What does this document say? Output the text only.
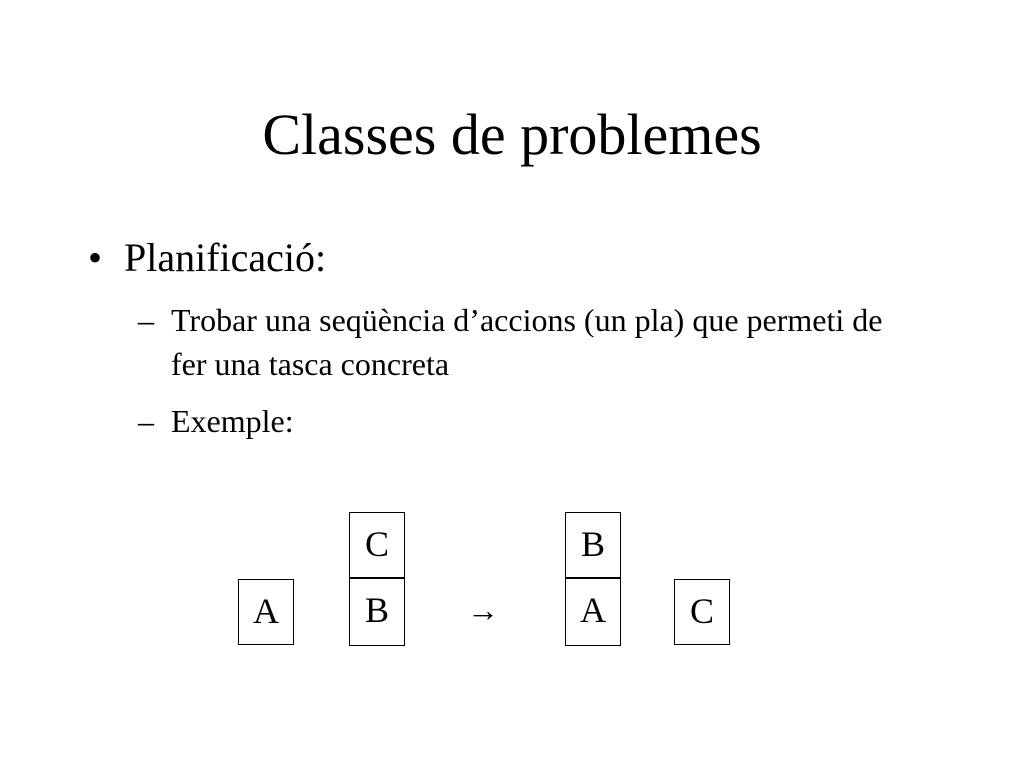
Classes de problemes
• Planificació:
– Trobar una seqüència d’accions (un pla) que permeti de fer una tasca concreta
– Exemple:
A
C
B	→
B
A	C
